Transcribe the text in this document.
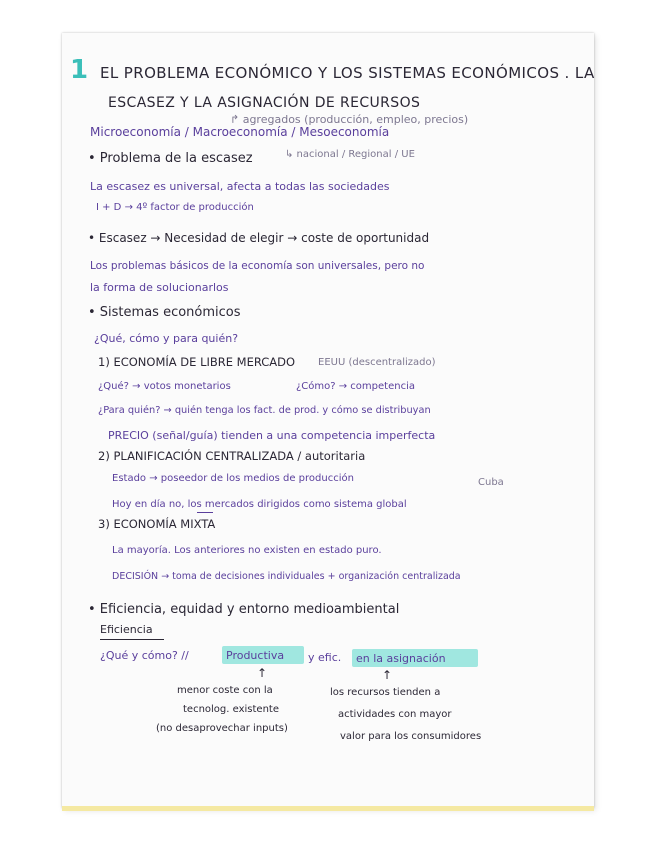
1 EL PROBLEMA ECONÓMICO Y LOS SISTEMAS ECONÓMICOS . LA
ESCASEZ Y LA ASIGNACIÓN DE RECURSOS
↱ agregados (producción, empleo, precios)
Microeconomía / Macroeconomía / Mesoeconomía
↳ nacional / Regional / UE
• Problema de la escasez
La escasez es universal, afecta a todas las sociedades
I + D → 4º factor de producción
• Escasez → Necesidad de elegir → coste de oportunidad
Los problemas básicos de la economía son universales, pero no
la forma de solucionarlos
• Sistemas económicos
¿Qué, cómo y para quién?
1) ECONOMÍA DE LIBRE MERCADO EEUU (descentralizado)
¿Qué? → votos monetarios	¿Cómo? → competencia
¿Para quién? → quién tenga los fact. de prod. y cómo se distribuyan
PRECIO (señal/guía) tienden a una competencia imperfecta
2) PLANIFICACIÓN CENTRALIZADA / autoritaria
Estado → poseedor de los medios de producción	Cuba
Hoy en día no, los mercados dirigidos como sistema global
3) ECONOMÍA MIXTA
La mayoría. Los anteriores no existen en estado puro.
DECISIÓN → toma de decisiones individuales + organización centralizada
• Eficiencia, equidad y entorno medioambiental
Eficiencia
¿Qué y cómo? //	Productiva y efic. en la asignación
↑	↑
menor coste con la
tecnolog. existente
(no desaprovechar inputs)
los recursos tienden a
actividades con mayor
valor para los consumidores
